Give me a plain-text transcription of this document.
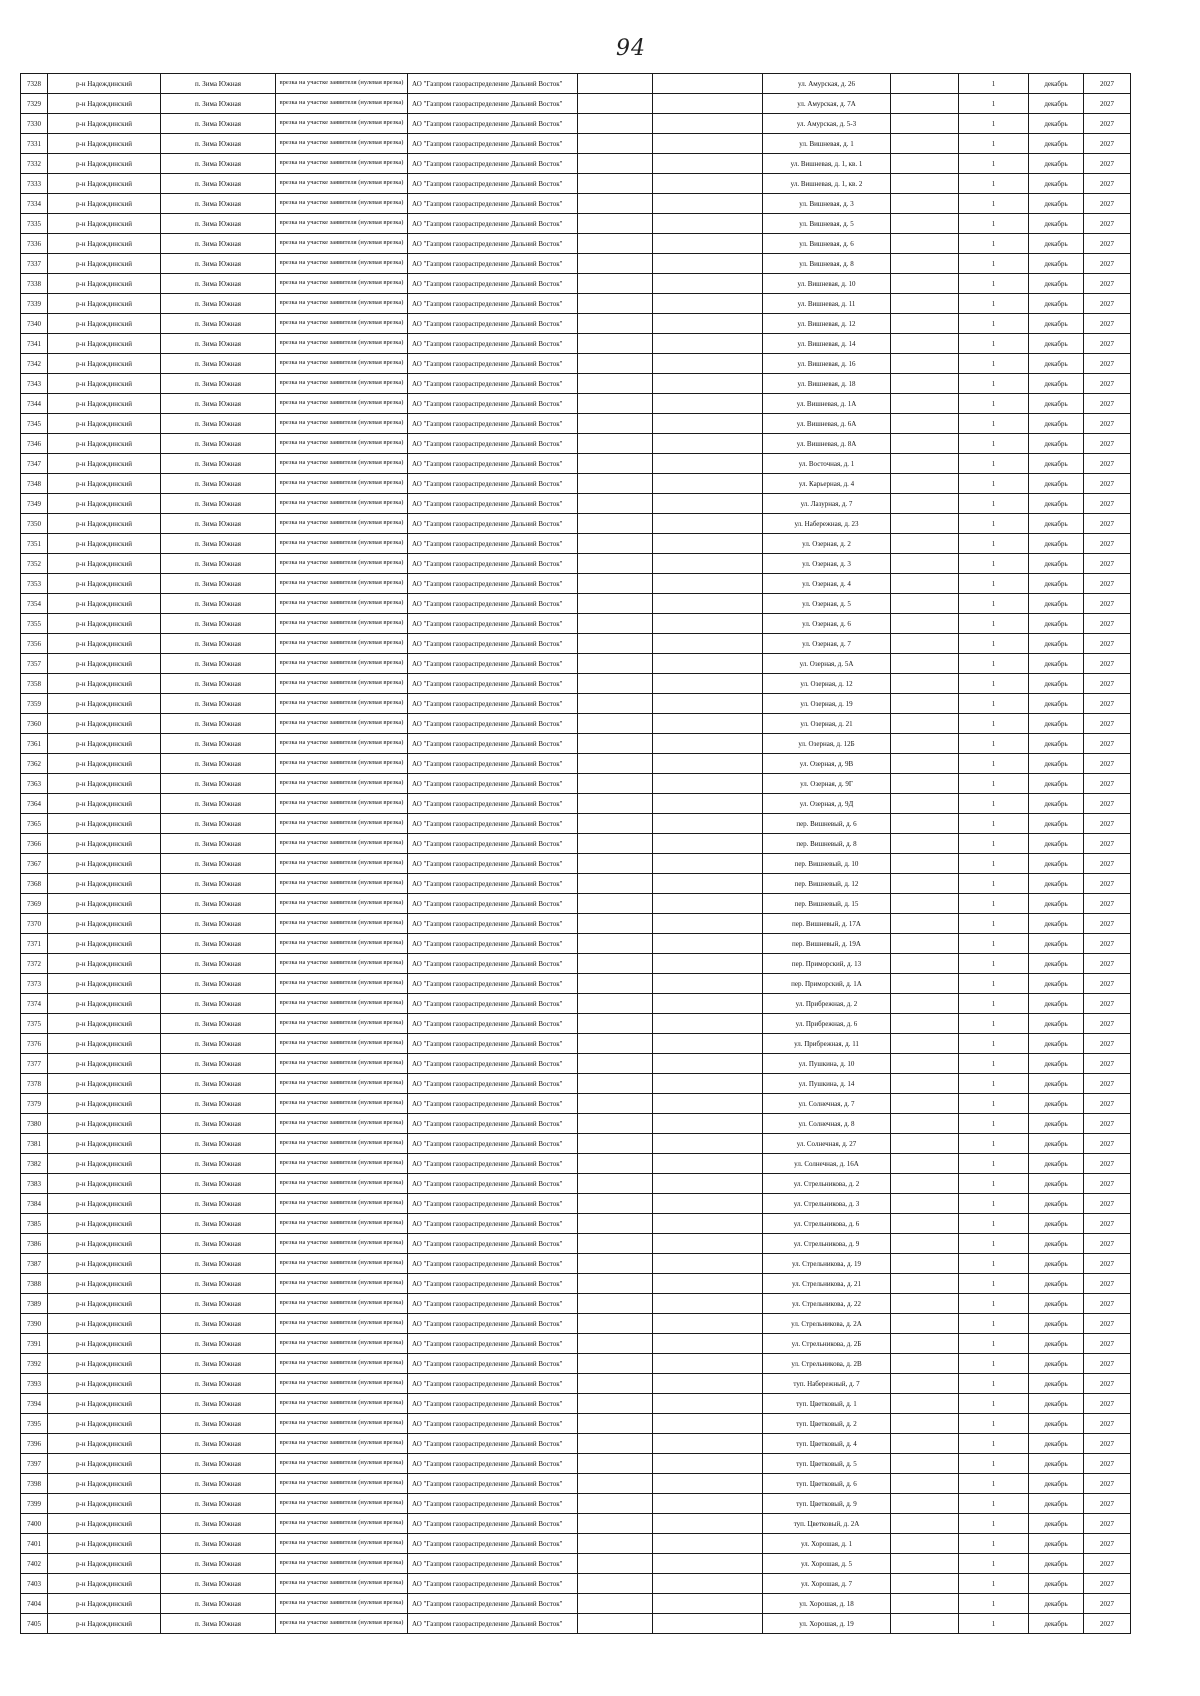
94
7328	р-н Надеждинский	п. Зима Южная	врезка на участке заявителя (нулевая врезка)	АО "Газпром газораспределение Дальний Восток"			ул. Амурская, д. 26		1	декабрь	2027
7329	р-н Надеждинский	п. Зима Южная	врезка на участке заявителя (нулевая врезка)	АО "Газпром газораспределение Дальний Восток"			ул. Амурская, д. 7А		1	декабрь	2027
7330	р-н Надеждинский	п. Зима Южная	врезка на участке заявителя (нулевая врезка)	АО "Газпром газораспределение Дальний Восток"			ул. Амурская, д. 5-3		1	декабрь	2027
7331	р-н Надеждинский	п. Зима Южная	врезка на участке заявителя (нулевая врезка)	АО "Газпром газораспределение Дальний Восток"			ул. Вишневая, д. 1		1	декабрь	2027
7332	р-н Надеждинский	п. Зима Южная	врезка на участке заявителя (нулевая врезка)	АО "Газпром газораспределение Дальний Восток"			ул. Вишневая, д. 1, кв. 1		1	декабрь	2027
7333	р-н Надеждинский	п. Зима Южная	врезка на участке заявителя (нулевая врезка)	АО "Газпром газораспределение Дальний Восток"			ул. Вишневая, д. 1, кв. 2		1	декабрь	2027
7334	р-н Надеждинский	п. Зима Южная	врезка на участке заявителя (нулевая врезка)	АО "Газпром газораспределение Дальний Восток"			ул. Вишневая, д. 3		1	декабрь	2027
7335	р-н Надеждинский	п. Зима Южная	врезка на участке заявителя (нулевая врезка)	АО "Газпром газораспределение Дальний Восток"			ул. Вишневая, д. 5		1	декабрь	2027
7336	р-н Надеждинский	п. Зима Южная	врезка на участке заявителя (нулевая врезка)	АО "Газпром газораспределение Дальний Восток"			ул. Вишневая, д. 6		1	декабрь	2027
7337	р-н Надеждинский	п. Зима Южная	врезка на участке заявителя (нулевая врезка)	АО "Газпром газораспределение Дальний Восток"			ул. Вишневая, д. 8		1	декабрь	2027
7338	р-н Надеждинский	п. Зима Южная	врезка на участке заявителя (нулевая врезка)	АО "Газпром газораспределение Дальний Восток"			ул. Вишневая, д. 10		1	декабрь	2027
7339	р-н Надеждинский	п. Зима Южная	врезка на участке заявителя (нулевая врезка)	АО "Газпром газораспределение Дальний Восток"			ул. Вишневая, д. 11		1	декабрь	2027
7340	р-н Надеждинский	п. Зима Южная	врезка на участке заявителя (нулевая врезка)	АО "Газпром газораспределение Дальний Восток"			ул. Вишневая, д. 12		1	декабрь	2027
7341	р-н Надеждинский	п. Зима Южная	врезка на участке заявителя (нулевая врезка)	АО "Газпром газораспределение Дальний Восток"			ул. Вишневая, д. 14		1	декабрь	2027
7342	р-н Надеждинский	п. Зима Южная	врезка на участке заявителя (нулевая врезка)	АО "Газпром газораспределение Дальний Восток"			ул. Вишневая, д. 16		1	декабрь	2027
7343	р-н Надеждинский	п. Зима Южная	врезка на участке заявителя (нулевая врезка)	АО "Газпром газораспределение Дальний Восток"			ул. Вишневая, д. 18		1	декабрь	2027
7344	р-н Надеждинский	п. Зима Южная	врезка на участке заявителя (нулевая врезка)	АО "Газпром газораспределение Дальний Восток"			ул. Вишневая, д. 1А		1	декабрь	2027
7345	р-н Надеждинский	п. Зима Южная	врезка на участке заявителя (нулевая врезка)	АО "Газпром газораспределение Дальний Восток"			ул. Вишневая, д. 6А		1	декабрь	2027
7346	р-н Надеждинский	п. Зима Южная	врезка на участке заявителя (нулевая врезка)	АО "Газпром газораспределение Дальний Восток"			ул. Вишневая, д. 8А		1	декабрь	2027
7347	р-н Надеждинский	п. Зима Южная	врезка на участке заявителя (нулевая врезка)	АО "Газпром газораспределение Дальний Восток"			ул. Восточная, д. 1		1	декабрь	2027
7348	р-н Надеждинский	п. Зима Южная	врезка на участке заявителя (нулевая врезка)	АО "Газпром газораспределение Дальний Восток"			ул. Карьерная, д. 4		1	декабрь	2027
7349	р-н Надеждинский	п. Зима Южная	врезка на участке заявителя (нулевая врезка)	АО "Газпром газораспределение Дальний Восток"			ул. Лазурная, д. 7		1	декабрь	2027
7350	р-н Надеждинский	п. Зима Южная	врезка на участке заявителя (нулевая врезка)	АО "Газпром газораспределение Дальний Восток"			ул. Набережная, д. 23		1	декабрь	2027
7351	р-н Надеждинский	п. Зима Южная	врезка на участке заявителя (нулевая врезка)	АО "Газпром газораспределение Дальний Восток"			ул. Озерная, д. 2		1	декабрь	2027
7352	р-н Надеждинский	п. Зима Южная	врезка на участке заявителя (нулевая врезка)	АО "Газпром газораспределение Дальний Восток"			ул. Озерная, д. 3		1	декабрь	2027
7353	р-н Надеждинский	п. Зима Южная	врезка на участке заявителя (нулевая врезка)	АО "Газпром газораспределение Дальний Восток"			ул. Озерная, д. 4		1	декабрь	2027
7354	р-н Надеждинский	п. Зима Южная	врезка на участке заявителя (нулевая врезка)	АО "Газпром газораспределение Дальний Восток"			ул. Озерная, д. 5		1	декабрь	2027
7355	р-н Надеждинский	п. Зима Южная	врезка на участке заявителя (нулевая врезка)	АО "Газпром газораспределение Дальний Восток"			ул. Озерная, д. 6		1	декабрь	2027
7356	р-н Надеждинский	п. Зима Южная	врезка на участке заявителя (нулевая врезка)	АО "Газпром газораспределение Дальний Восток"			ул. Озерная, д. 7		1	декабрь	2027
7357	р-н Надеждинский	п. Зима Южная	врезка на участке заявителя (нулевая врезка)	АО "Газпром газораспределение Дальний Восток"			ул. Озерная, д. 5А		1	декабрь	2027
7358	р-н Надеждинский	п. Зима Южная	врезка на участке заявителя (нулевая врезка)	АО "Газпром газораспределение Дальний Восток"			ул. Озерная, д. 12		1	декабрь	2027
7359	р-н Надеждинский	п. Зима Южная	врезка на участке заявителя (нулевая врезка)	АО "Газпром газораспределение Дальний Восток"			ул. Озерная, д. 19		1	декабрь	2027
7360	р-н Надеждинский	п. Зима Южная	врезка на участке заявителя (нулевая врезка)	АО "Газпром газораспределение Дальний Восток"			ул. Озерная, д. 21		1	декабрь	2027
7361	р-н Надеждинский	п. Зима Южная	врезка на участке заявителя (нулевая врезка)	АО "Газпром газораспределение Дальний Восток"			ул. Озерная, д. 12Б		1	декабрь	2027
7362	р-н Надеждинский	п. Зима Южная	врезка на участке заявителя (нулевая врезка)	АО "Газпром газораспределение Дальний Восток"			ул. Озерная, д. 9В		1	декабрь	2027
7363	р-н Надеждинский	п. Зима Южная	врезка на участке заявителя (нулевая врезка)	АО "Газпром газораспределение Дальний Восток"			ул. Озерная, д. 9Г		1	декабрь	2027
7364	р-н Надеждинский	п. Зима Южная	врезка на участке заявителя (нулевая врезка)	АО "Газпром газораспределение Дальний Восток"			ул. Озерная, д. 9Д		1	декабрь	2027
7365	р-н Надеждинский	п. Зима Южная	врезка на участке заявителя (нулевая врезка)	АО "Газпром газораспределение Дальний Восток"			пер. Вишневый, д. 6		1	декабрь	2027
7366	р-н Надеждинский	п. Зима Южная	врезка на участке заявителя (нулевая врезка)	АО "Газпром газораспределение Дальний Восток"			пер. Вишневый, д. 8		1	декабрь	2027
7367	р-н Надеждинский	п. Зима Южная	врезка на участке заявителя (нулевая врезка)	АО "Газпром газораспределение Дальний Восток"			пер. Вишневый, д. 10		1	декабрь	2027
7368	р-н Надеждинский	п. Зима Южная	врезка на участке заявителя (нулевая врезка)	АО "Газпром газораспределение Дальний Восток"			пер. Вишневый, д. 12		1	декабрь	2027
7369	р-н Надеждинский	п. Зима Южная	врезка на участке заявителя (нулевая врезка)	АО "Газпром газораспределение Дальний Восток"			пер. Вишневый, д. 15		1	декабрь	2027
7370	р-н Надеждинский	п. Зима Южная	врезка на участке заявителя (нулевая врезка)	АО "Газпром газораспределение Дальний Восток"			пер. Вишневый, д. 17А		1	декабрь	2027
7371	р-н Надеждинский	п. Зима Южная	врезка на участке заявителя (нулевая врезка)	АО "Газпром газораспределение Дальний Восток"			пер. Вишневый, д. 19А		1	декабрь	2027
7372	р-н Надеждинский	п. Зима Южная	врезка на участке заявителя (нулевая врезка)	АО "Газпром газораспределение Дальний Восток"			пер. Приморский, д. 13		1	декабрь	2027
7373	р-н Надеждинский	п. Зима Южная	врезка на участке заявителя (нулевая врезка)	АО "Газпром газораспределение Дальний Восток"			пер. Приморский, д. 1А		1	декабрь	2027
7374	р-н Надеждинский	п. Зима Южная	врезка на участке заявителя (нулевая врезка)	АО "Газпром газораспределение Дальний Восток"			ул. Прибрежная, д. 2		1	декабрь	2027
7375	р-н Надеждинский	п. Зима Южная	врезка на участке заявителя (нулевая врезка)	АО "Газпром газораспределение Дальний Восток"			ул. Прибрежная, д. 6		1	декабрь	2027
7376	р-н Надеждинский	п. Зима Южная	врезка на участке заявителя (нулевая врезка)	АО "Газпром газораспределение Дальний Восток"			ул. Прибрежная, д. 11		1	декабрь	2027
7377	р-н Надеждинский	п. Зима Южная	врезка на участке заявителя (нулевая врезка)	АО "Газпром газораспределение Дальний Восток"			ул. Пушкина, д. 10		1	декабрь	2027
7378	р-н Надеждинский	п. Зима Южная	врезка на участке заявителя (нулевая врезка)	АО "Газпром газораспределение Дальний Восток"			ул. Пушкина, д. 14		1	декабрь	2027
7379	р-н Надеждинский	п. Зима Южная	врезка на участке заявителя (нулевая врезка)	АО "Газпром газораспределение Дальний Восток"			ул. Солнечная, д. 7		1	декабрь	2027
7380	р-н Надеждинский	п. Зима Южная	врезка на участке заявителя (нулевая врезка)	АО "Газпром газораспределение Дальний Восток"			ул. Солнечная, д. 8		1	декабрь	2027
7381	р-н Надеждинский	п. Зима Южная	врезка на участке заявителя (нулевая врезка)	АО "Газпром газораспределение Дальний Восток"			ул. Солнечная, д. 27		1	декабрь	2027
7382	р-н Надеждинский	п. Зима Южная	врезка на участке заявителя (нулевая врезка)	АО "Газпром газораспределение Дальний Восток"			ул. Солнечная, д. 16А		1	декабрь	2027
7383	р-н Надеждинский	п. Зима Южная	врезка на участке заявителя (нулевая врезка)	АО "Газпром газораспределение Дальний Восток"			ул. Стрельникова, д. 2		1	декабрь	2027
7384	р-н Надеждинский	п. Зима Южная	врезка на участке заявителя (нулевая врезка)	АО "Газпром газораспределение Дальний Восток"			ул. Стрельникова, д. 3		1	декабрь	2027
7385	р-н Надеждинский	п. Зима Южная	врезка на участке заявителя (нулевая врезка)	АО "Газпром газораспределение Дальний Восток"			ул. Стрельникова, д. 6		1	декабрь	2027
7386	р-н Надеждинский	п. Зима Южная	врезка на участке заявителя (нулевая врезка)	АО "Газпром газораспределение Дальний Восток"			ул. Стрельникова, д. 9		1	декабрь	2027
7387	р-н Надеждинский	п. Зима Южная	врезка на участке заявителя (нулевая врезка)	АО "Газпром газораспределение Дальний Восток"			ул. Стрельникова, д. 19		1	декабрь	2027
7388	р-н Надеждинский	п. Зима Южная	врезка на участке заявителя (нулевая врезка)	АО "Газпром газораспределение Дальний Восток"			ул. Стрельникова, д. 21		1	декабрь	2027
7389	р-н Надеждинский	п. Зима Южная	врезка на участке заявителя (нулевая врезка)	АО "Газпром газораспределение Дальний Восток"			ул. Стрельникова, д. 22		1	декабрь	2027
7390	р-н Надеждинский	п. Зима Южная	врезка на участке заявителя (нулевая врезка)	АО "Газпром газораспределение Дальний Восток"			ул. Стрельникова, д. 2А		1	декабрь	2027
7391	р-н Надеждинский	п. Зима Южная	врезка на участке заявителя (нулевая врезка)	АО "Газпром газораспределение Дальний Восток"			ул. Стрельникова, д. 2Б		1	декабрь	2027
7392	р-н Надеждинский	п. Зима Южная	врезка на участке заявителя (нулевая врезка)	АО "Газпром газораспределение Дальний Восток"			ул. Стрельникова, д. 2В		1	декабрь	2027
7393	р-н Надеждинский	п. Зима Южная	врезка на участке заявителя (нулевая врезка)	АО "Газпром газораспределение Дальний Восток"			туп. Набережный, д. 7		1	декабрь	2027
7394	р-н Надеждинский	п. Зима Южная	врезка на участке заявителя (нулевая врезка)	АО "Газпром газораспределение Дальний Восток"			туп. Цветковый, д. 1		1	декабрь	2027
7395	р-н Надеждинский	п. Зима Южная	врезка на участке заявителя (нулевая врезка)	АО "Газпром газораспределение Дальний Восток"			туп. Цветковый, д. 2		1	декабрь	2027
7396	р-н Надеждинский	п. Зима Южная	врезка на участке заявителя (нулевая врезка)	АО "Газпром газораспределение Дальний Восток"			туп. Цветковый, д. 4		1	декабрь	2027
7397	р-н Надеждинский	п. Зима Южная	врезка на участке заявителя (нулевая врезка)	АО "Газпром газораспределение Дальний Восток"			туп. Цветковый, д. 5		1	декабрь	2027
7398	р-н Надеждинский	п. Зима Южная	врезка на участке заявителя (нулевая врезка)	АО "Газпром газораспределение Дальний Восток"			туп. Цветковый, д. 6		1	декабрь	2027
7399	р-н Надеждинский	п. Зима Южная	врезка на участке заявителя (нулевая врезка)	АО "Газпром газораспределение Дальний Восток"			туп. Цветковый, д. 9		1	декабрь	2027
7400	р-н Надеждинский	п. Зима Южная	врезка на участке заявителя (нулевая врезка)	АО "Газпром газораспределение Дальний Восток"			туп. Цветковый, д. 2А		1	декабрь	2027
7401	р-н Надеждинский	п. Зима Южная	врезка на участке заявителя (нулевая врезка)	АО "Газпром газораспределение Дальний Восток"			ул. Хорошая, д. 1		1	декабрь	2027
7402	р-н Надеждинский	п. Зима Южная	врезка на участке заявителя (нулевая врезка)	АО "Газпром газораспределение Дальний Восток"			ул. Хорошая, д. 5		1	декабрь	2027
7403	р-н Надеждинский	п. Зима Южная	врезка на участке заявителя (нулевая врезка)	АО "Газпром газораспределение Дальний Восток"			ул. Хорошая, д. 7		1	декабрь	2027
7404	р-н Надеждинский	п. Зима Южная	врезка на участке заявителя (нулевая врезка)	АО "Газпром газораспределение Дальний Восток"			ул. Хорошая, д. 18		1	декабрь	2027
7405	р-н Надеждинский	п. Зима Южная	врезка на участке заявителя (нулевая врезка)	АО "Газпром газораспределение Дальний Восток"			ул. Хорошая, д. 19		1	декабрь	2027
